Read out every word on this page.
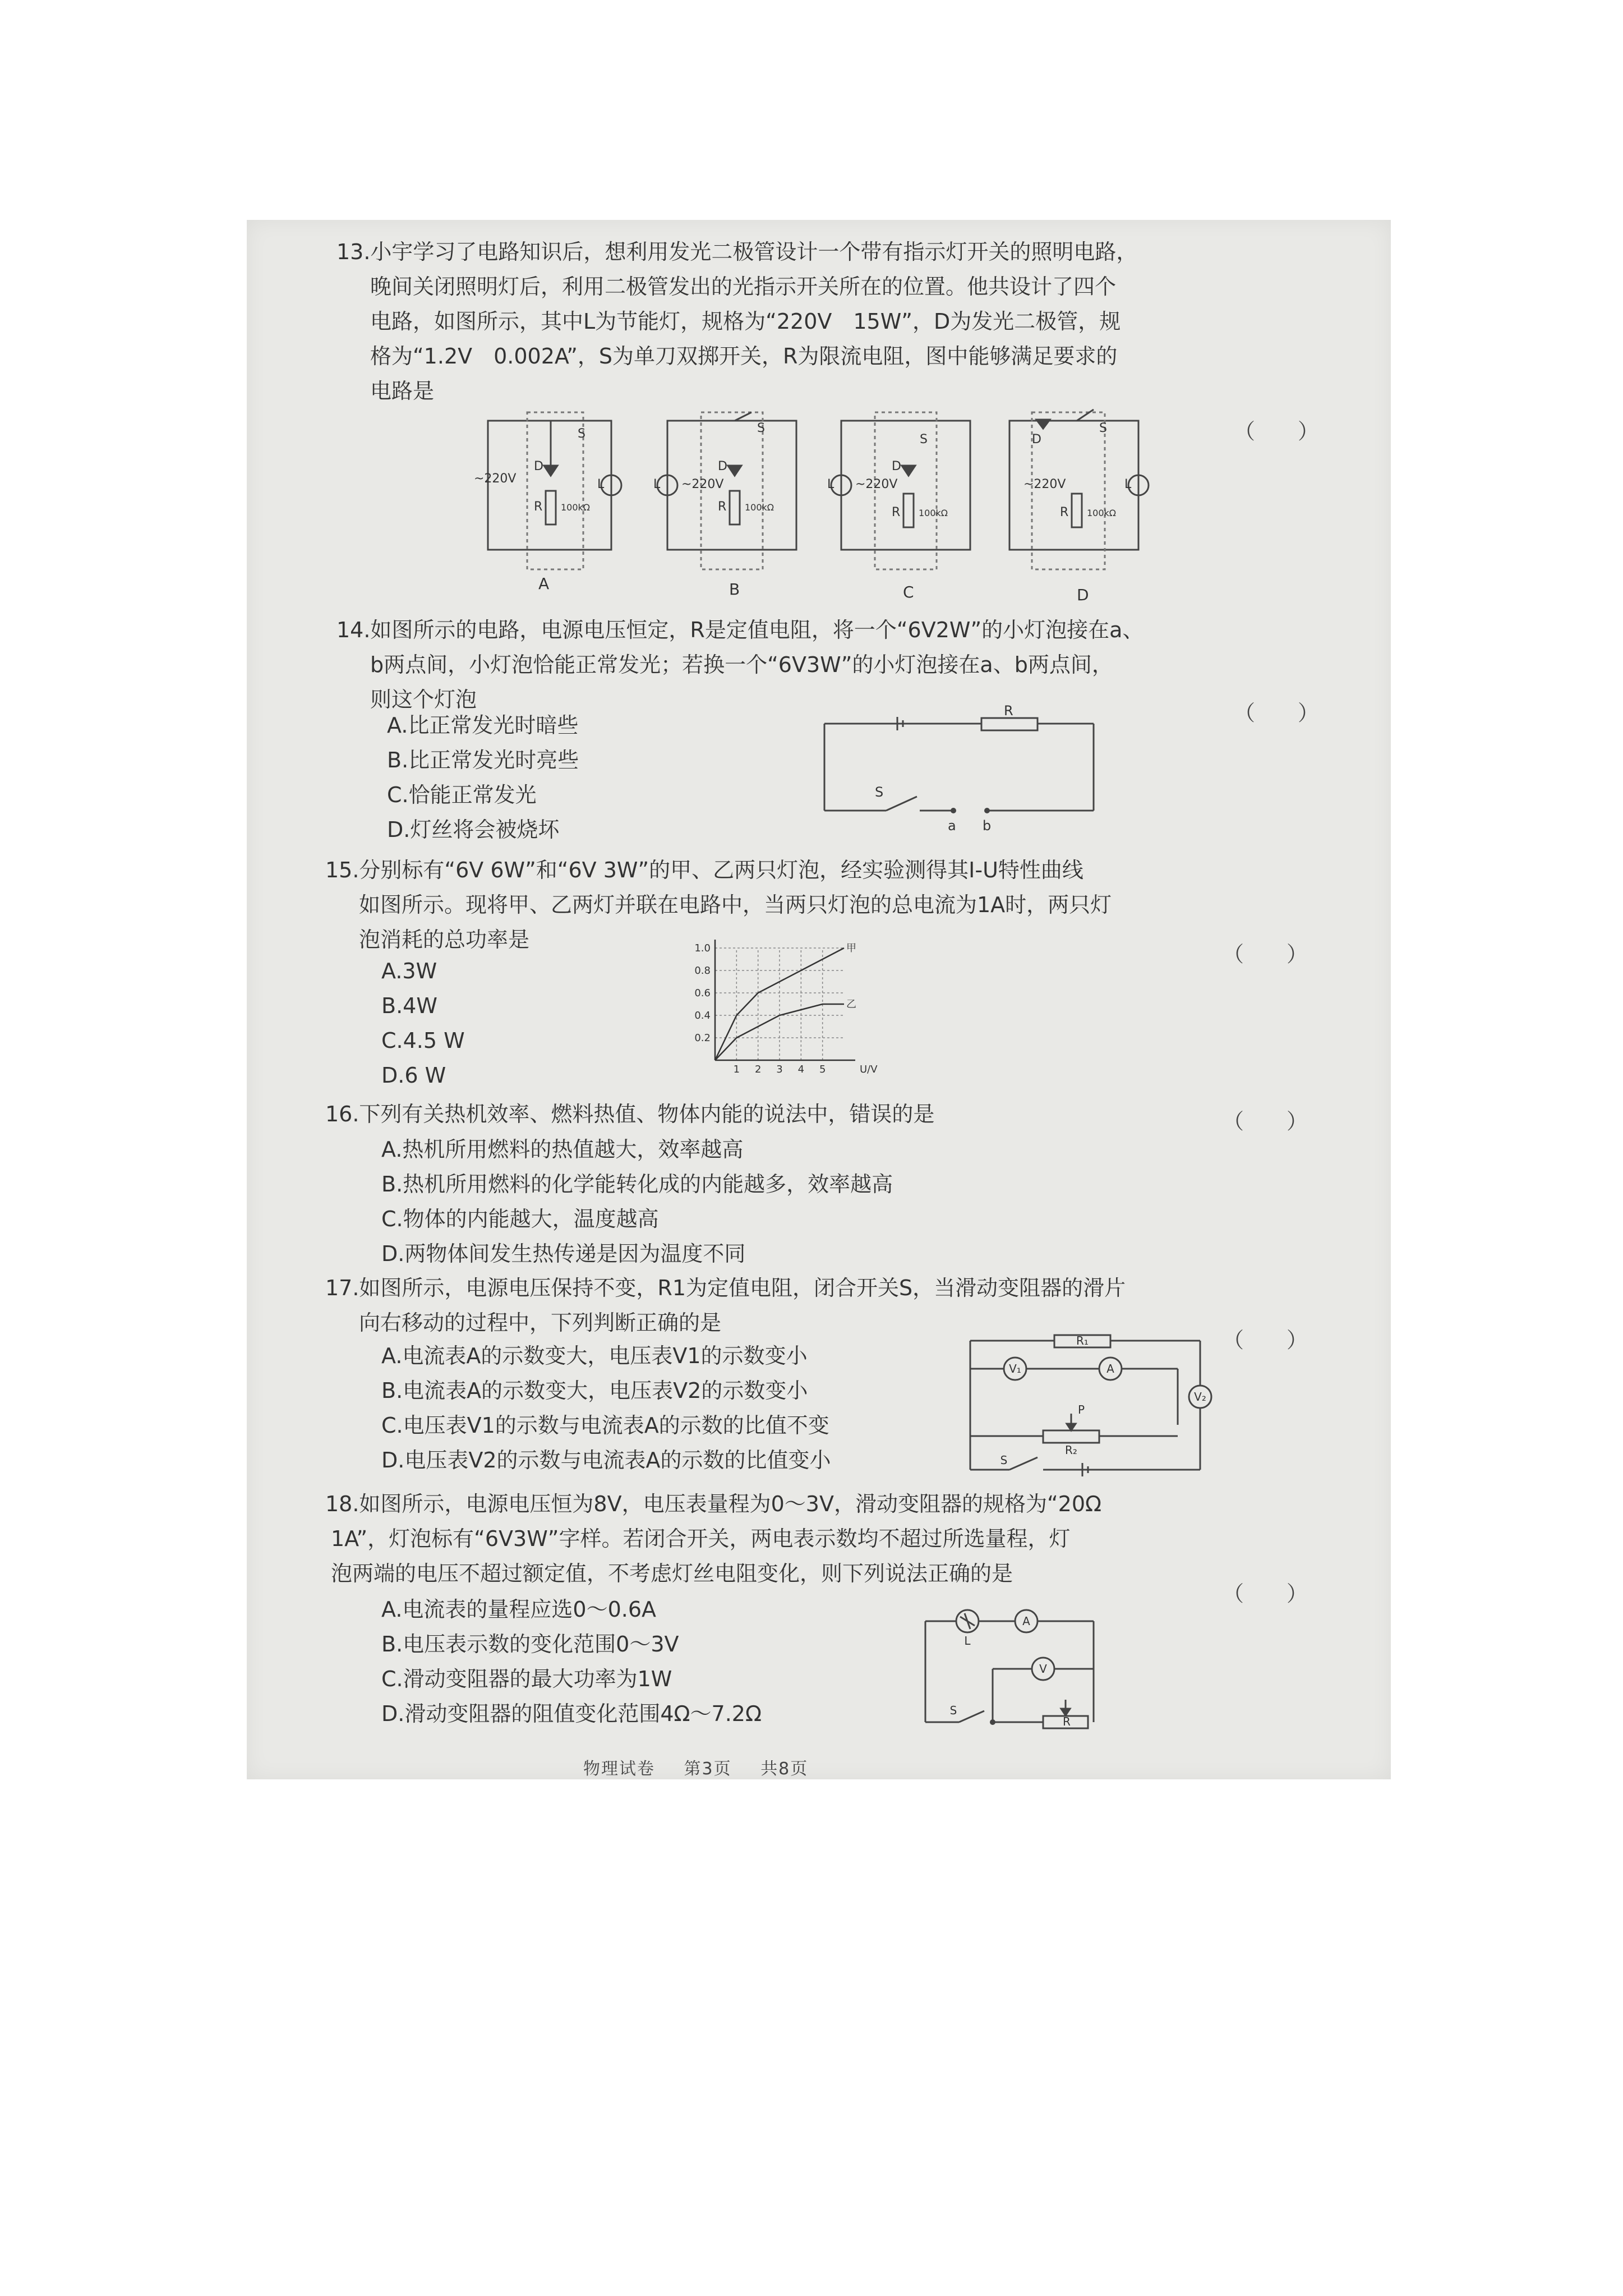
13.小宇学习了电路知识后，想利用发光二极管设计一个带有指示灯开关的照明电路，
晚间关闭照明灯后，利用二极管发出的光指示开关所在的位置。他共设计了四个
电路，如图所示，其中L为节能灯，规格为“220V　15W”，D为发光二极管，规
格为“1.2V　0.002A”，S为单刀双掷开关，R为限流电阻，图中能够满足要求的
电路是
（　　）
~220V	L
D
R 100kΩ
S
~220V
L
D
R 100kΩ
S
~220V
L
D
R 100kΩ
S
~220V	L
D
R 100kΩ
S
A	B	C	D
14.如图所示的电路，电源电压恒定，R是定值电阻，将一个“6V2W”的小灯泡接在a、
b两点间，小灯泡恰能正常发光；若换一个“6V3W”的小灯泡接在a、b两点间，
则这个灯泡
（　　）
A.比正常发光时暗些
B.比正常发光时亮些
C.恰能正常发光
D.灯丝将会被烧坏
R
S
a b
15.分别标有“6V 6W”和“6V 3W”的甲、乙两只灯泡，经实验测得其I-U特性曲线
如图所示。现将甲、乙两灯并联在电路中，当两只灯泡的总电流为1A时，两只灯
泡消耗的总功率是
（　　）
A.3W
B.4W
C.4.5 W
D.6 W
0.2
0.4
0.6
0.8
1.0
1 2 3 4 5	U/V
甲
乙
16.下列有关热机效率、燃料热值、物体内能的说法中，错误的是	（　　）
A.热机所用燃料的热值越大，效率越高
B.热机所用燃料的化学能转化成的内能越多，效率越高
C.物体的内能越大，温度越高
D.两物体间发生热传递是因为温度不同
17.如图所示，电源电压保持不变，R1为定值电阻，闭合开关S，当滑动变阻器的滑片
向右移动的过程中，下列判断正确的是
（　　）
A.电流表A的示数变大，电压表V1的示数变小
B.电流表A的示数变大，电压表V2的示数变小
C.电压表V1的示数与电流表A的示数的比值不变
D.电压表V2的示数与电流表A的示数的比值变小
R₁
V₁	A
V₂
R₂
P
S
18.如图所示，电源电压恒为8V，电压表量程为0～3V，滑动变阻器的规格为“20Ω
1A”，灯泡标有“6V3W”字样。若闭合开关，两电表示数均不超过所选量程，灯
泡两端的电压不超过额定值，不考虑灯丝电阻变化，则下列说法正确的是
（　　）
A.电流表的量程应选0～0.6A
B.电压表示数的变化范围0～3V
C.滑动变阻器的最大功率为1W
D.滑动变阻器的阻值变化范围4Ω～7.2Ω
L
A
V
S
R
物理试卷 第3页 共8页
